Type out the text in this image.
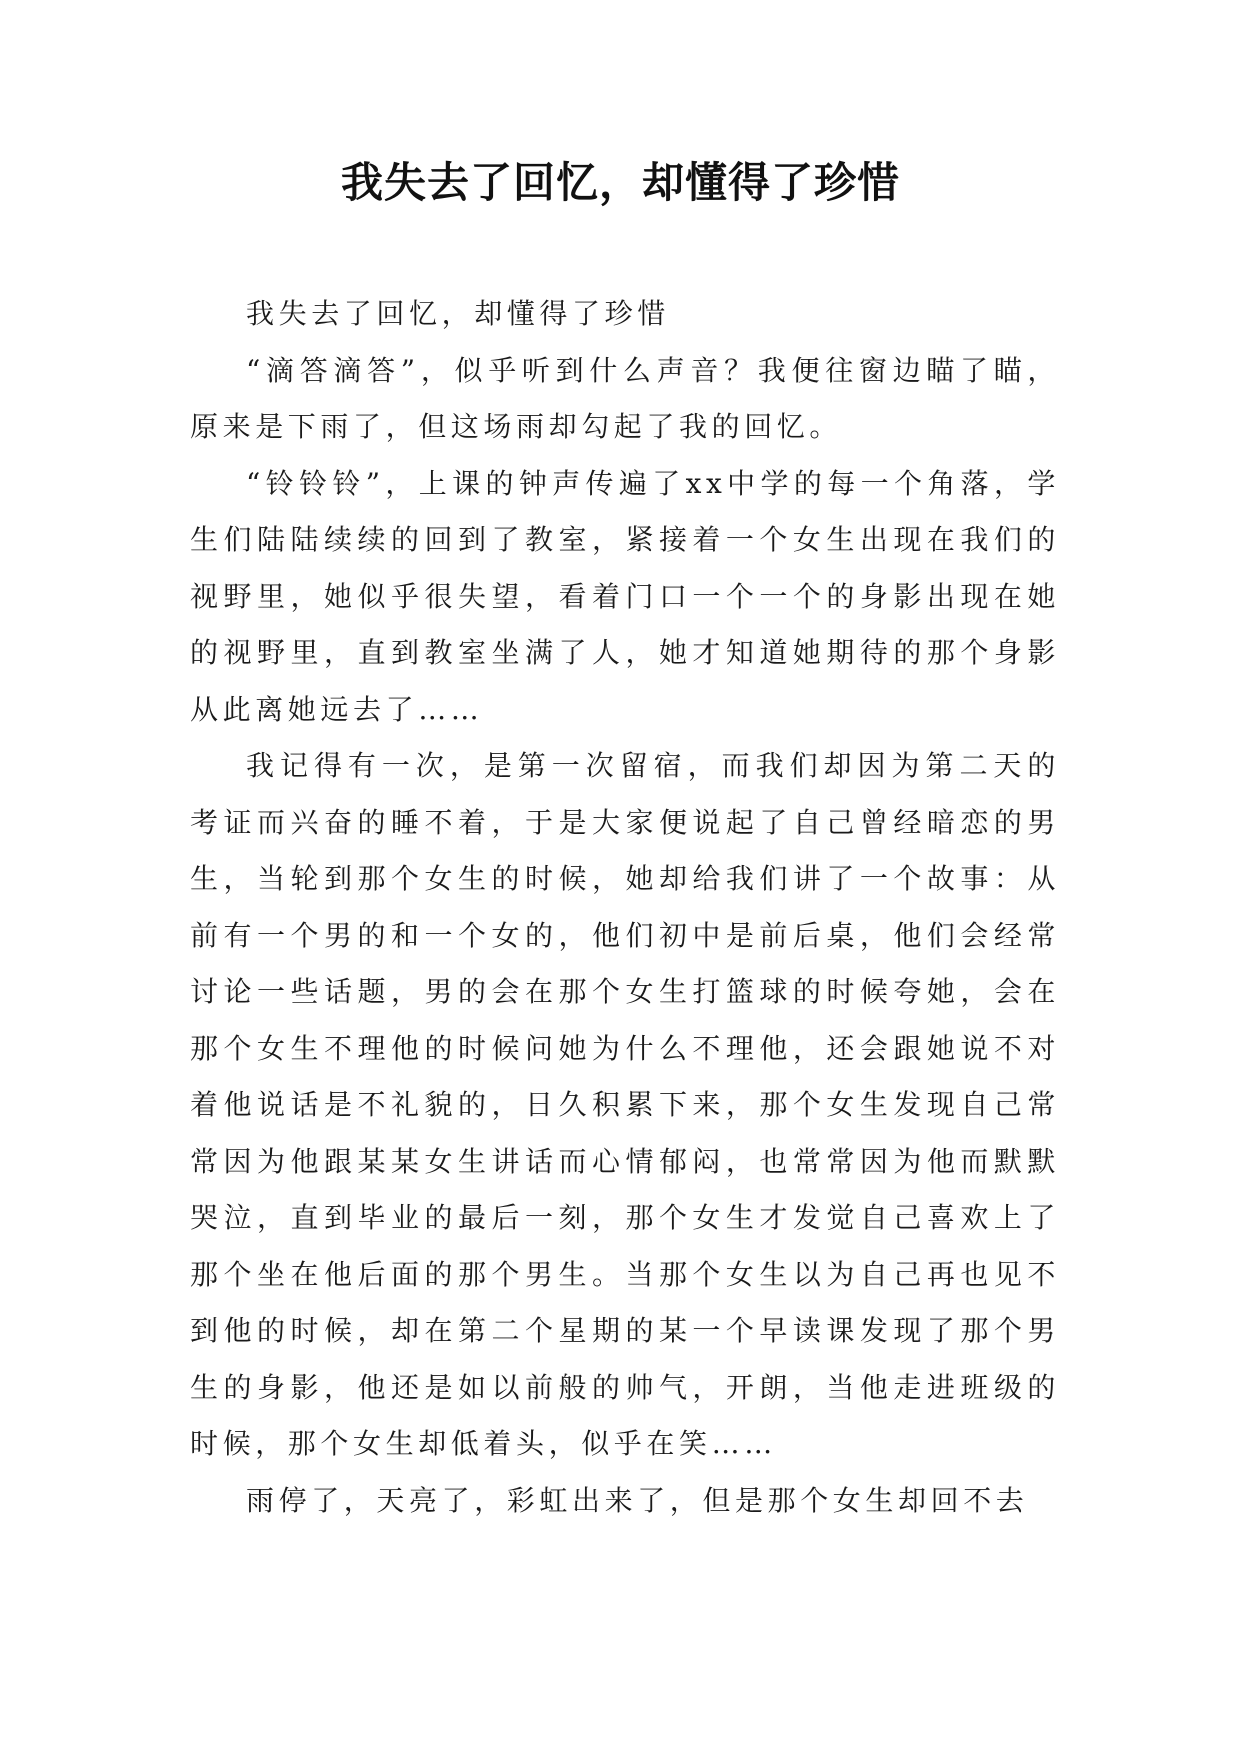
我失去了回忆，却懂得了珍惜

我失去了回忆，却懂得了珍惜

“滴答滴答”，似乎听到什么声音？我便往窗边瞄了瞄，原来是下雨了，但这场雨却勾起了我的回忆。

“铃铃铃”，上课的钟声传遍了xx中学的每一个角落，学生们陆陆续续的回到了教室，紧接着一个女生出现在我们的视野里，她似乎很失望，看着门口一个一个的身影出现在她的视野里，直到教室坐满了人，她才知道她期待的那个身影从此离她远去了……

我记得有一次，是第一次留宿，而我们却因为第二天的考证而兴奋的睡不着，于是大家便说起了自己曾经暗恋的男生，当轮到那个女生的时候，她却给我们讲了一个故事：从前有一个男的和一个女的，他们初中是前后桌，他们会经常讨论一些话题，男的会在那个女生打篮球的时候夸她，会在那个女生不理他的时候问她为什么不理他，还会跟她说不对着他说话是不礼貌的，日久积累下来，那个女生发现自己常常因为他跟某某女生讲话而心情郁闷，也常常因为他而默默哭泣，直到毕业的最后一刻，那个女生才发觉自己喜欢上了那个坐在他后面的那个男生。当那个女生以为自己再也见不到他的时候，却在第二个星期的某一个早读课发现了那个男生的身影，他还是如以前般的帅气，开朗，当他走进班级的时候，那个女生却低着头，似乎在笑……

雨停了，天亮了，彩虹出来了，但是那个女生却回不去
